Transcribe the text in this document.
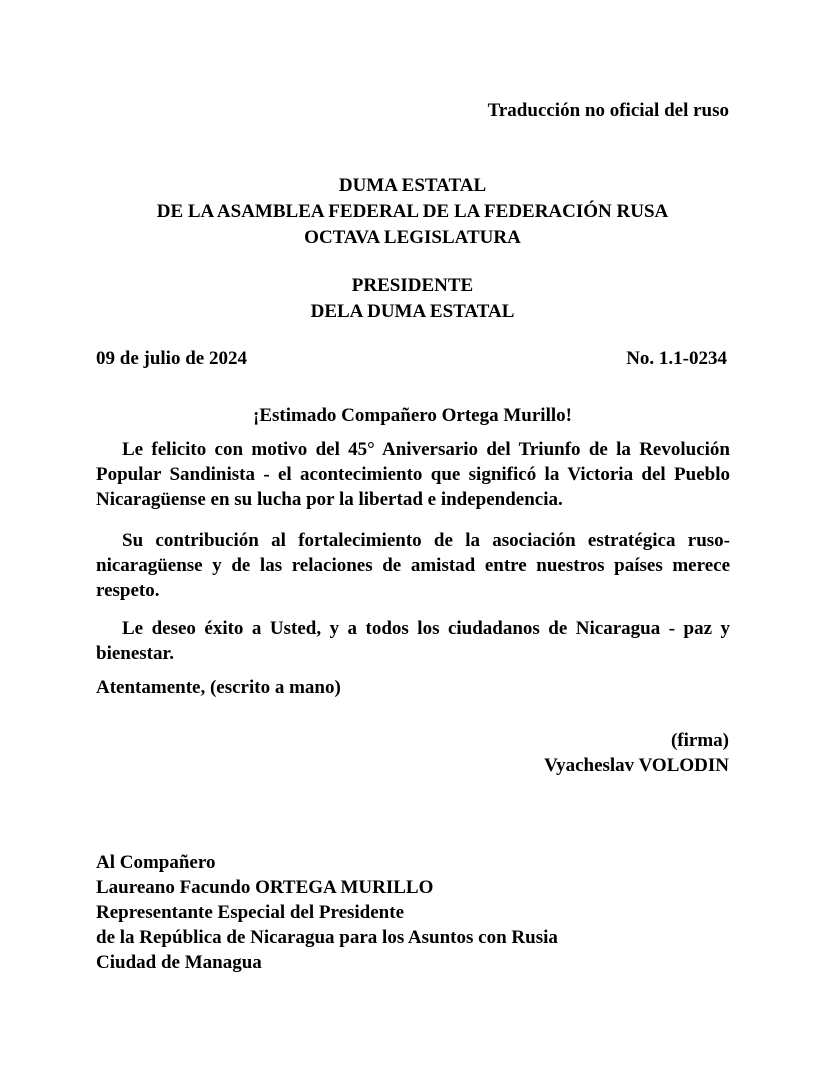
Traducción no oficial del ruso
DUMA ESTATAL
DE LA ASAMBLEA FEDERAL DE LA FEDERACIÓN RUSA
OCTAVA LEGISLATURA
PRESIDENTE
DELA DUMA ESTATAL
09 de julio de 2024	No. 1.1-0234
¡Estimado Compañero Ortega Murillo!

Le felicito con motivo del 45° Aniversario del Triunfo de la Revolución Popular Sandinista - el acontecimiento que significó la Victoria del Pueblo Nicaragüense en su lucha por la libertad e independencia.

Su contribución al fortalecimiento de la asociación estratégica ruso-nicaragüense y de las relaciones de amistad entre nuestros países merece respeto.

Le deseo éxito a Usted, y a todos los ciudadanos de Nicaragua - paz y bienestar.

Atentamente, (escrito a mano)
(firma)
Vyacheslav VOLODIN
Al Compañero
Laureano Facundo ORTEGA MURILLO
Representante Especial del Presidente
de la República de Nicaragua para los Asuntos con Rusia
Ciudad de Managua
